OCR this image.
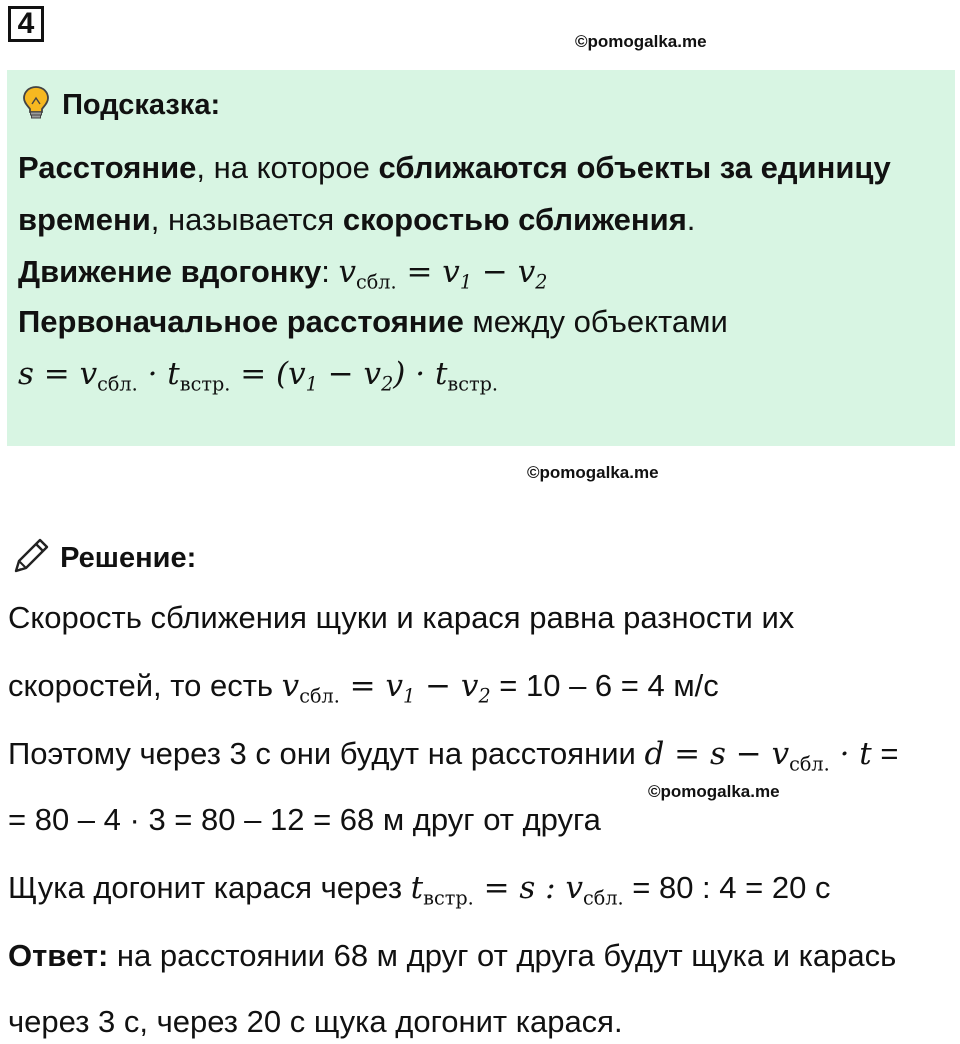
4
©pomogalka.me
Подсказка:
Расстояние, на которое сближаются объекты за единицу
времени, называется скоростью сближения.
Движение вдогонку: $v_{сбл.} = v_1 - v_2$
Первоначальное расстояние между объектами
$s = v_{сбл.} \cdot t_{встр.} = (v_1 - v_2) \cdot t_{встр.}$
©pomogalka.me
Решение:
Скорость сближения щуки и карася равна разности их
скоростей, то есть $v_{сбл.} = v_1 - v_2 = 10 - 6 = 4$ м/с
Поэтому через 3 с они будут на расстоянии $d = s - v_{сбл.} \cdot t$ =
©pomogalka.me
= 80 – 4 · 3 = 80 – 12 = 68 м друг от друга
Щука догонит карася через $t_{встр.} = s$ : $v_{сбл.} = 80$ : 4 = 20 с
Ответ: на расстоянии 68 м друг от друга будут щука и карась
через 3 с, через 20 с щука догонит карася.
